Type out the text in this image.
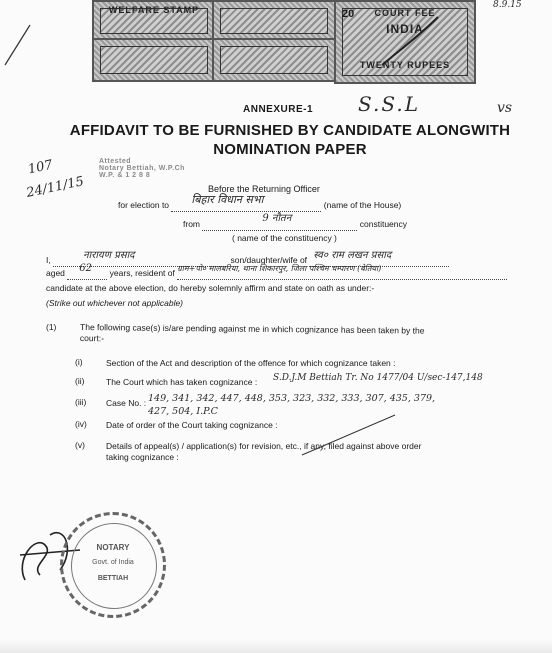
8.9.15
WELFARE STAMP	COURT FEE
INDIA
TWENTY RUPEES
20
ANNEXURE-1 S.S.L	vs
AFFIDAVIT TO BE FURNISHED BY CANDIDATE ALONGWITH
NOMINATION PAPER
107
24/11/15
Attested
Notary Bettiah, W.P.Ch
W.P. & 1 2 8 8
Before the Returning Officer
for election to बिहार विधान सभा	(name of the House)
from	9 नौतन	constituency
( name of the constituency )
I,	नारायण प्रसाद	son/daughter/wife of स्व० राम लखन प्रसाद

aged 62 years, resident of ग्राम+पो० मालबरिया, थाना शिकारपुर, जिला पश्चिम चम्पारण (बेतिया)

candidate at the above election, do hereby solemnly affirm and state on oath as under:-
(Strike out whichever not applicable)
(1)	The following case(s) is/are pending against me in which cognizance has been taken by the
court:-
(i)	Section of the Act and description of the offence for which cognizance taken :
(ii)	The Court which has taken cognizance : S.D.J.M Bettiah Tr. No 1477/04 U/sec-147,148
(iii) Case No. : 149, 341, 342, 447, 448, 353, 323, 332, 333, 307, 435, 379,
427, 504, I.P.C
(iv) Date of order of the Court taking cognizance :
(v) Details of appeal(s) / application(s) for revision, etc., if any, filed against above order
taking cognizance :
NOTARY
Govt. of India
BETTIAH
